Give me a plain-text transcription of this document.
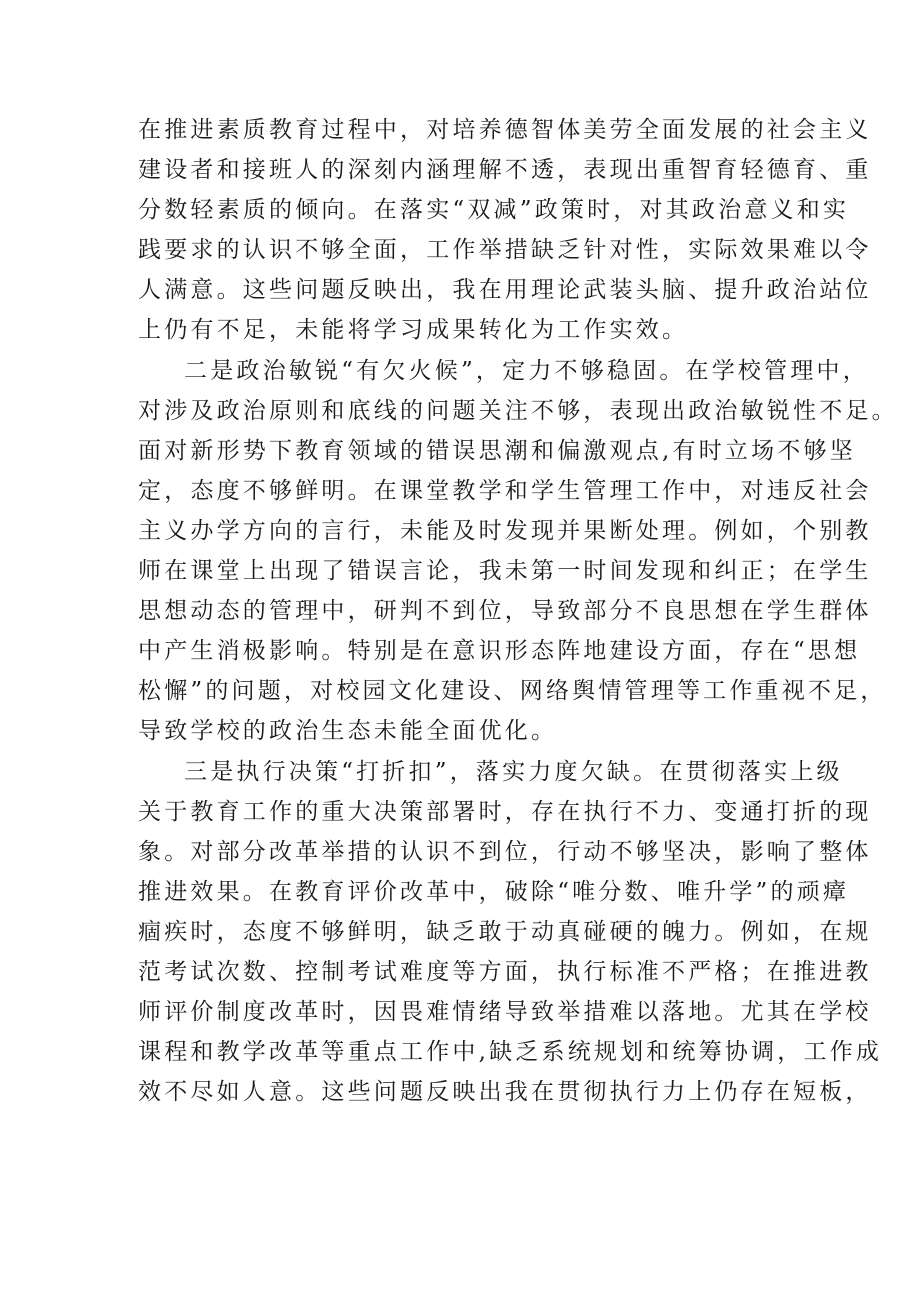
在推进素质教育过程中，对培养德智体美劳全面发展的社会主义
建设者和接班人的深刻内涵理解不透，表现出重智育轻德育、重
分数轻素质的倾向。在落实“双减”政策时，对其政治意义和实
践要求的认识不够全面，工作举措缺乏针对性，实际效果难以令
人满意。这些问题反映出，我在用理论武装头脑、提升政治站位
上仍有不足，未能将学习成果转化为工作实效。
二是政治敏锐“有欠火候”，定力不够稳固。在学校管理中，
对涉及政治原则和底线的问题关注不够，表现出政治敏锐性不足。
面对新形势下教育领域的错误思潮和偏激观点,有时立场不够坚
定，态度不够鲜明。在课堂教学和学生管理工作中，对违反社会
主义办学方向的言行，未能及时发现并果断处理。例如，个别教
师在课堂上出现了错误言论，我未第一时间发现和纠正；在学生
思想动态的管理中，研判不到位，导致部分不良思想在学生群体
中产生消极影响。特别是在意识形态阵地建设方面，存在“思想
松懈”的问题，对校园文化建设、网络舆情管理等工作重视不足，
导致学校的政治生态未能全面优化。
三是执行决策“打折扣”，落实力度欠缺。在贯彻落实上级
关于教育工作的重大决策部署时，存在执行不力、变通打折的现
象。对部分改革举措的认识不到位，行动不够坚决，影响了整体
推进效果。在教育评价改革中，破除“唯分数、唯升学”的顽瘴
痼疾时，态度不够鲜明，缺乏敢于动真碰硬的魄力。例如，在规
范考试次数、控制考试难度等方面，执行标准不严格；在推进教
师评价制度改革时，因畏难情绪导致举措难以落地。尤其在学校
课程和教学改革等重点工作中,缺乏系统规划和统筹协调，工作成
效不尽如人意。这些问题反映出我在贯彻执行力上仍存在短板，
